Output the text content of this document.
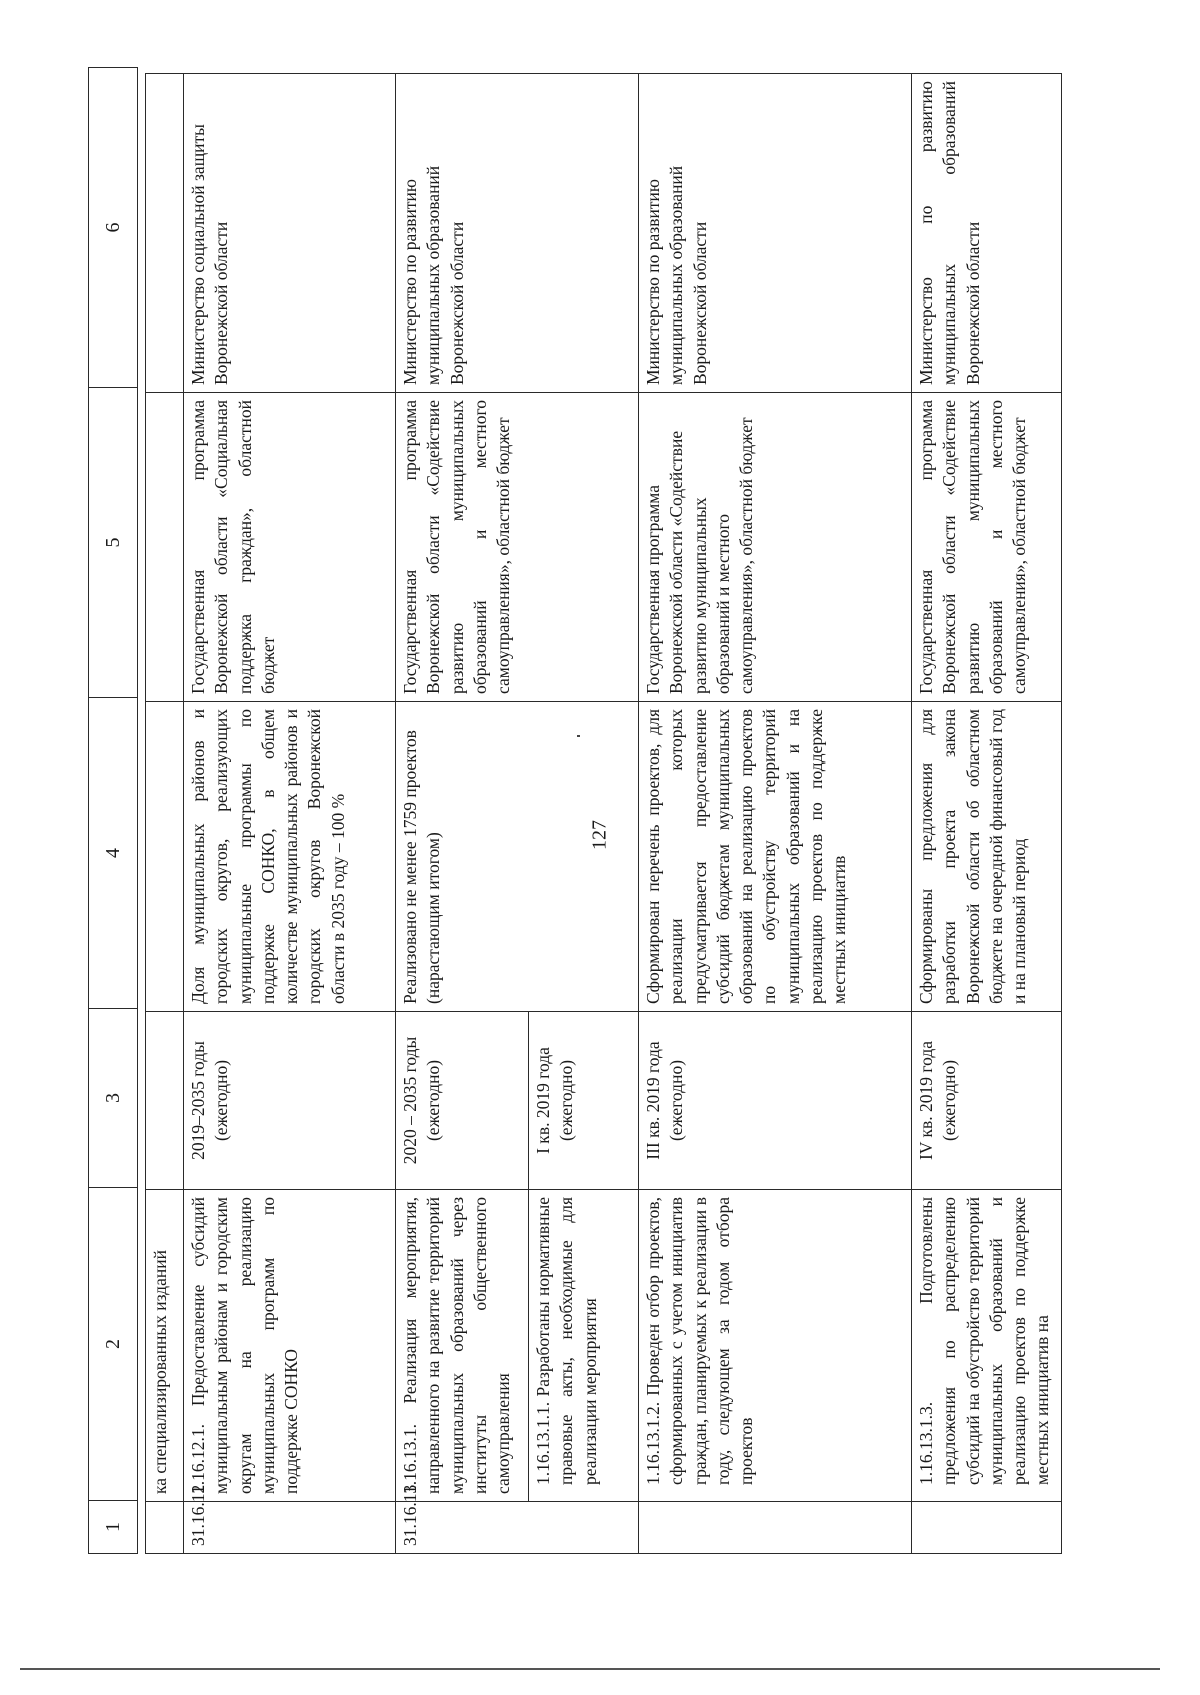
127
1	2	3	4	5	6
	ка специализированных изданий				
31.16.12	1.16.12.1. Предоставление субсидий муниципальным районам и городским округам на реализацию муниципальных программ по поддержке СОНКО	2019–2035 годы (ежегодно)	Доля муниципальных районов и городских округов, реализующих муниципальные программы по поддержке СОНКО, в общем количестве муниципальных районов и городских округов Воронежской области в 2035 году – 100 %	Государственная программа Воронежской области «Социальная поддержка граждан», областной бюджет	Министерство социальной защиты Воронежской области
31.16.13	1.16.13.1. Реализация мероприятия, направленного на развитие территорий муниципальных образований через институты общественного самоуправления	2020 – 2035 годы (ежегодно)	Реализовано не менее 1759 проектов (нарастающим итогом)	Государственная программа Воронежской области «Содействие развитию муниципальных образований и местного самоуправления», областной бюджет	Министерство по развитию муниципальных образований Воронежской области
	1.16.13.1.1. Разработаны нормативные правовые акты, необходимые для реализации мероприятия	I кв. 2019 года (ежегодно)			
	1.16.13.1.2. Проведен отбор проектов, сформированных с учетом инициатив граждан, планируемых к реализации в году, следующем за годом отбора проектов	III кв. 2019 года (ежегодно)	Сформирован перечень проектов, для реализации которых предусматривается предоставление субсидий бюджетам муниципальных образований на реализацию проектов по обустройству территорий муниципальных образований и на реализацию проектов по поддержке местных инициатив	Государственная программа Воронежской области «Содействие развитию муниципальных образований и местного самоуправления», областной бюджет	Министерство по развитию муниципальных образований Воронежской области
	1.16.13.1.3. Подготовлены предложения по распределению субсидий на обустройство территорий муниципальных образований и реализацию проектов по поддержке местных инициатив на	IV кв. 2019 года (ежегодно)	Сформированы предложения для разработки проекта закона Воронежской области об областном бюджете на очередной финансовый год и на плановый период	Государственная программа Воронежской области «Содействие развитию муниципальных образований и местного самоуправления», областной бюджет	Министерство по развитию муниципальных образований Воронежской области
